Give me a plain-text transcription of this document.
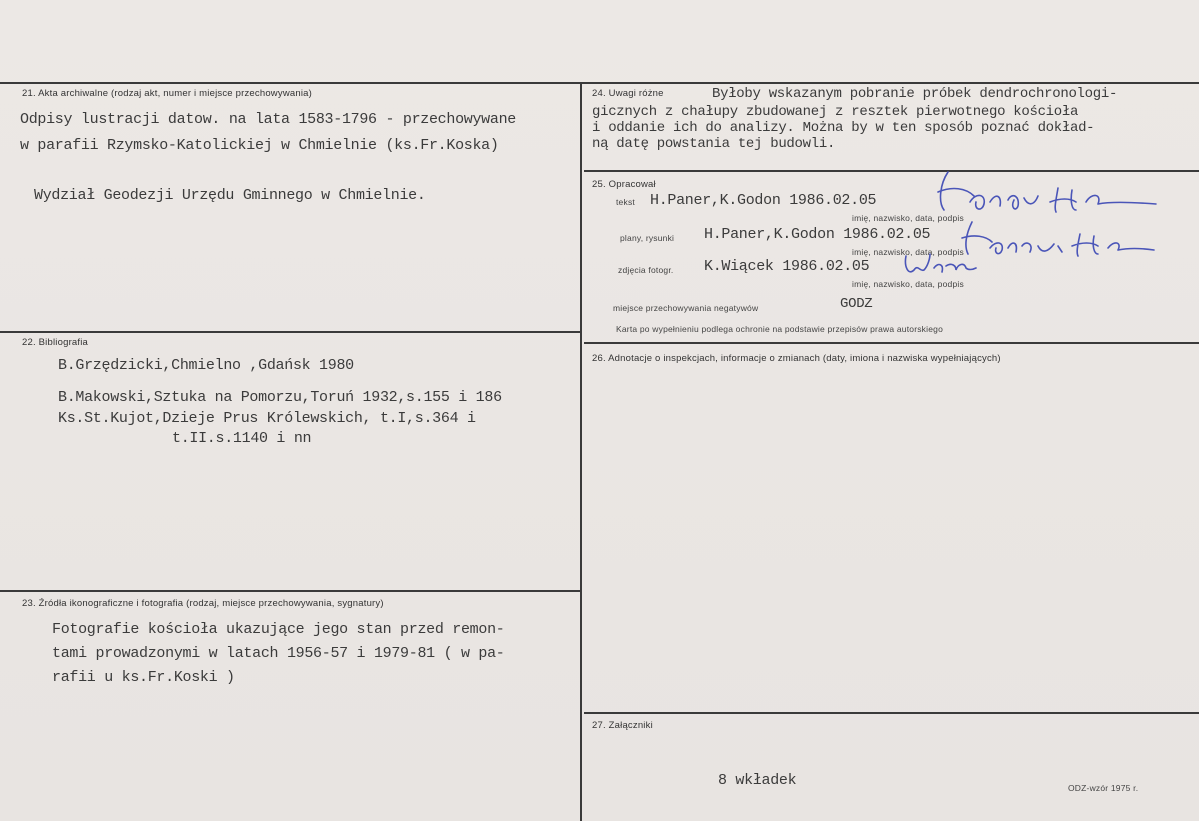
21. Akta archiwalne (rodzaj akt, numer i miejsce przechowywania)
Odpisy lustracji datow. na lata 1583-1796 - przechowywane
w parafii Rzymsko-Katolickiej w Chmielnie (ks.Fr.Koska)
Wydział Geodezji Urzędu Gminnego w Chmielnie.
22. Bibliografia
B.Grzędzicki,Chmielno ,Gdańsk 1980
B.Makowski,Sztuka na Pomorzu,Toruń 1932,s.155 i 186
Ks.St.Kujot,Dzieje Prus Królewskich, t.I,s.364 i
t.II.s.1140 i nn
23. Źródła ikonograficzne i fotografia (rodzaj, miejsce przechowywania, sygnatury)
Fotografie kościoła ukazujące jego stan przed remon-
tami prowadzonymi w latach 1956-57 i 1979-81 ( w pa-
rafii u ks.Fr.Koski )
24. Uwagi różne	Byłoby wskazanym pobranie próbek dendrochronologi-
gicznych z chałupy zbudowanej z resztek pierwotnego kościoła
i oddanie ich do analizy. Można by w ten sposób poznać dokład-
ną datę powstania tej budowli.
25. Opracował
tekst H.Paner,K.Godon 1986.02.05
imię, nazwisko, data, podpis
plany, rysunki H.Paner,K.Godon 1986.02.05
imię, nazwisko, data, podpis
zdjęcia fotogr. K.Wiącek 1986.02.05
imię, nazwisko, data, podpis
miejsce przechowywania negatywów	GODZ
Karta po wypełnieniu podlega ochronie na podstawie przepisów prawa autorskiego
26. Adnotacje o inspekcjach, informacje o zmianach (daty, imiona i nazwiska wypełniających)
27. Załączniki
8 wkładek	ODZ-wzór 1975 r.
